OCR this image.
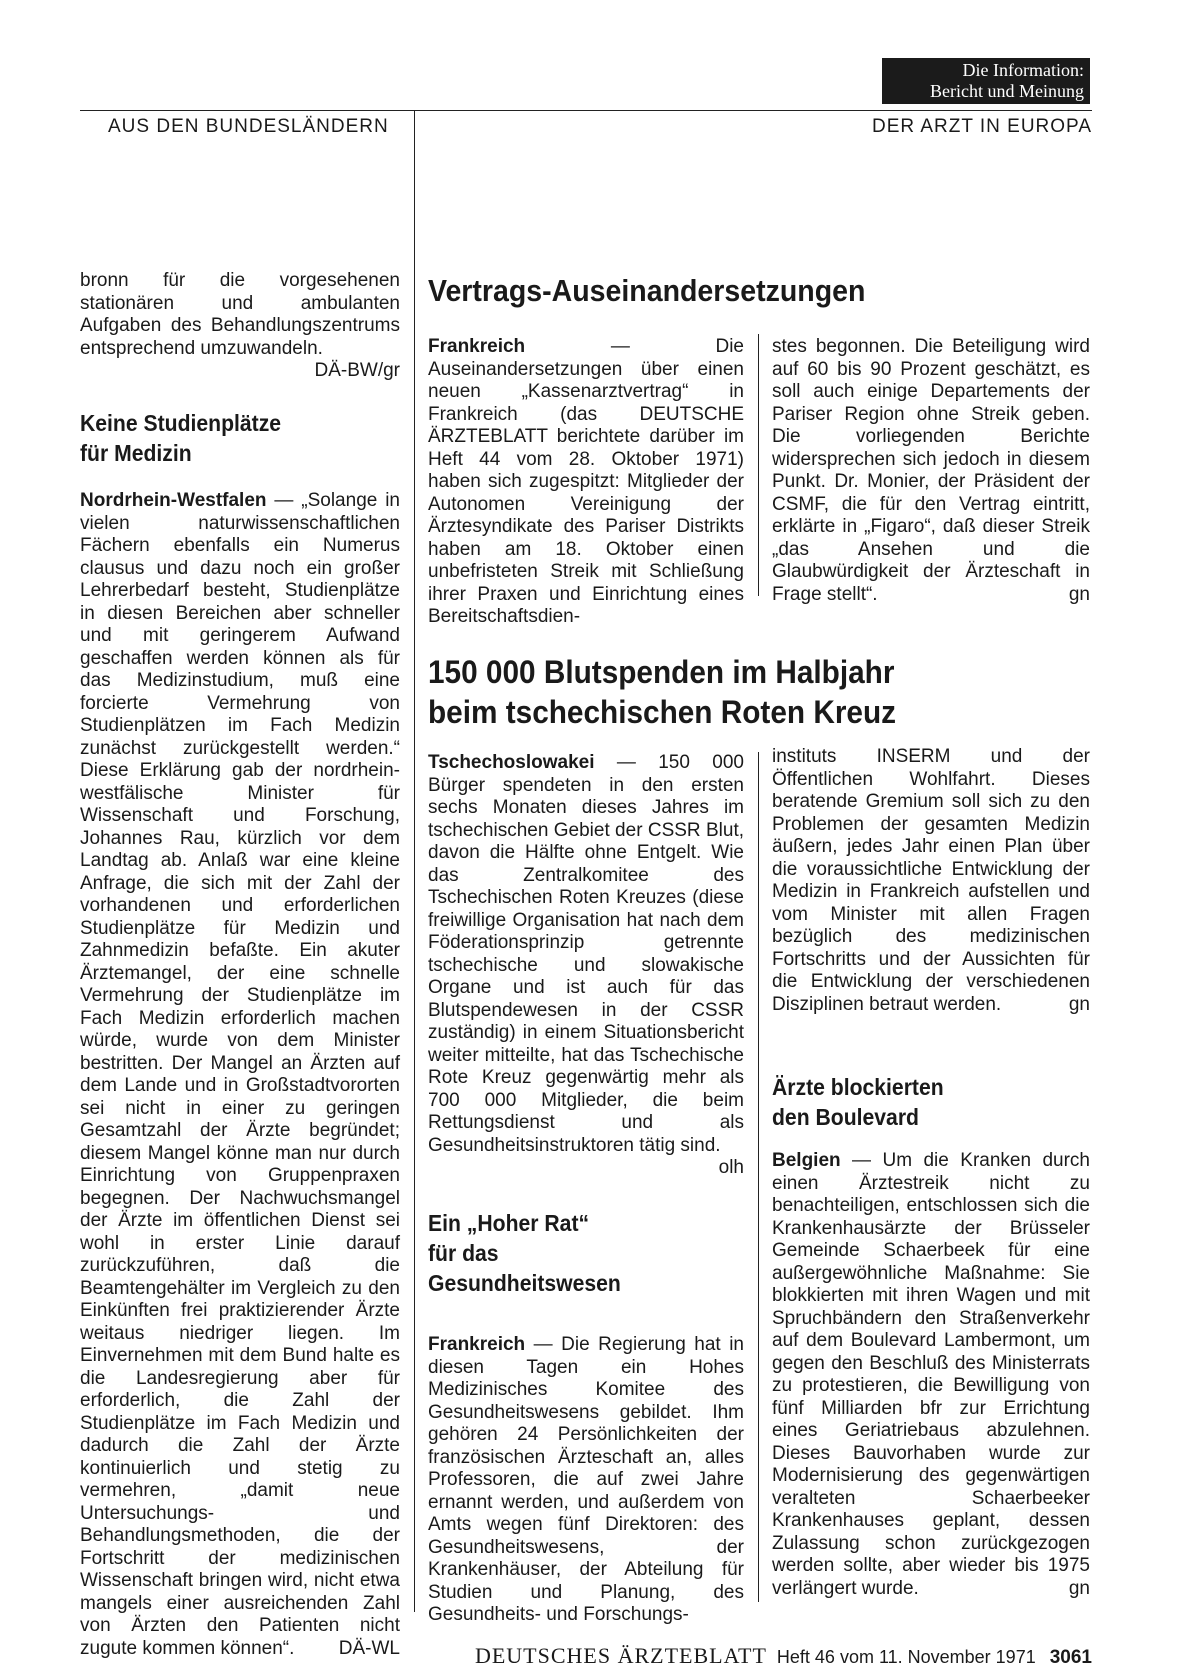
Die Information:
Bericht und Meinung
AUS DEN BUNDESLÄNDERN	DER ARZT IN EUROPA
bronn für die vorgesehenen stationären und ambulanten Aufgaben des Behandlungszentrums entsprechend umzuwandeln.
DÄ-BW/gr
Keine Studienplätze
für Medizin
Nordrhein-Westfalen — „Solange in vielen naturwissenschaftlichen Fächern ebenfalls ein Numerus clausus und dazu noch ein großer Lehrerbedarf besteht, Studienplätze in diesen Bereichen aber schneller und mit geringerem Aufwand geschaffen werden können als für das Medizinstudium, muß eine forcierte Vermehrung von Studienplätzen im Fach Medizin zunächst zurückgestellt werden.“ Diese Erklärung gab der nordrhein-westfälische Minister für Wissenschaft und Forschung, Johannes Rau, kürzlich vor dem Landtag ab. Anlaß war eine kleine Anfrage, die sich mit der Zahl der vorhandenen und erforderlichen Studienplätze für Medizin und Zahnmedizin befaßte. Ein akuter Ärztemangel, der eine schnelle Vermehrung der Studienplätze im Fach Medizin erforderlich machen würde, wurde von dem Minister bestritten. Der Mangel an Ärzten auf dem Lande und in Großstadtvororten sei nicht in einer zu geringen Gesamtzahl der Ärzte begründet; diesem Mangel könne man nur durch Einrichtung von Gruppenpraxen begegnen. Der Nachwuchsmangel der Ärzte im öffentlichen Dienst sei wohl in erster Linie darauf zurückzuführen, daß die Beamtengehälter im Vergleich zu den Einkünften frei praktizierender Ärzte weitaus niedriger liegen. Im Einvernehmen mit dem Bund halte es die Landesregierung aber für erforderlich, die Zahl der Studienplätze im Fach Medizin und dadurch die Zahl der Ärzte kontinuierlich und stetig zu vermehren, „damit neue Untersuchungs- und Behandlungsmethoden, die der Fortschritt der medizinischen Wissenschaft bringen wird, nicht etwa mangels einer ausreichenden Zahl von Ärzten den Patienten nicht zugute kommen können“. DÄ-WL
Vertrags-Auseinandersetzungen
Frankreich — Die Auseinandersetzungen über einen neuen „Kassenarztvertrag“ in Frankreich (das DEUTSCHE ÄRZTEBLATT berichtete darüber im Heft 44 vom 28. Oktober 1971) haben sich zugespitzt: Mitglieder der Autonomen Vereinigung der Ärztesyndikate des Pariser Distrikts haben am 18. Oktober einen unbefristeten Streik mit Schließung ihrer Praxen und Einrichtung eines Bereitschaftsdien-
stes begonnen. Die Beteiligung wird auf 60 bis 90 Prozent geschätzt, es soll auch einige Departements der Pariser Region ohne Streik geben. Die vorliegenden Berichte widersprechen sich jedoch in diesem Punkt. Dr. Monier, der Präsident der CSMF, die für den Vertrag eintritt, erklärte in „Figaro“, daß dieser Streik „das Ansehen und die Glaubwürdigkeit der Ärzteschaft in Frage stellt“.	gn
150 000 Blutspenden im Halbjahr
beim tschechischen Roten Kreuz
Tschechoslowakei — 150 000 Bürger spendeten in den ersten sechs Monaten dieses Jahres im tschechischen Gebiet der CSSR Blut, davon die Hälfte ohne Entgelt. Wie das Zentralkomitee des Tschechischen Roten Kreuzes (diese freiwillige Organisation hat nach dem Föderationsprinzip getrennte tschechische und slowakische Organe und ist auch für das Blutspendewesen in der CSSR zuständig) in einem Situationsbericht weiter mitteilte, hat das Tschechische Rote Kreuz gegenwärtig mehr als 700 000 Mitglieder, die beim Rettungsdienst und als Gesundheitsinstruktoren tätig sind.
olh
Ein „Hoher Rat“
für das
Gesundheitswesen
Frankreich — Die Regierung hat in diesen Tagen ein Hohes Medizinisches Komitee des Gesundheitswesens gebildet. Ihm gehören 24 Persönlichkeiten der französischen Ärzteschaft an, alles Professoren, die auf zwei Jahre ernannt werden, und außerdem von Amts wegen fünf Direktoren: des Gesundheitswesens, der Krankenhäuser, der Abteilung für Studien und Planung, des Gesundheits- und Forschungs-
instituts INSERM und der Öffentlichen Wohlfahrt. Dieses beratende Gremium soll sich zu den Problemen der gesamten Medizin äußern, jedes Jahr einen Plan über die voraussichtliche Entwicklung der Medizin in Frankreich aufstellen und vom Minister mit allen Fragen bezüglich des medizinischen Fortschritts und der Aussichten für die Entwicklung der verschiedenen Disziplinen betraut werden.	gn
Ärzte blockierten
den Boulevard
Belgien — Um die Kranken durch einen Ärztestreik nicht zu benachteiligen, entschlossen sich die Krankenhausärzte der Brüsseler Gemeinde Schaerbeek für eine außergewöhnliche Maßnahme: Sie blokkierten mit ihren Wagen und mit Spruchbändern den Straßenverkehr auf dem Boulevard Lambermont, um gegen den Beschluß des Ministerrats zu protestieren, die Bewilligung von fünf Milliarden bfr zur Errichtung eines Geriatriebaus abzulehnen. Dieses Bauvorhaben wurde zur Modernisierung des gegenwärtigen veralteten Schaerbeeker Krankenhauses geplant, dessen Zulassung schon zurückgezogen werden sollte, aber wieder bis 1975 verlängert wurde.	gn
DEUTSCHES ÄRZTEBLATT Heft 46 vom 11. November 1971 3061
